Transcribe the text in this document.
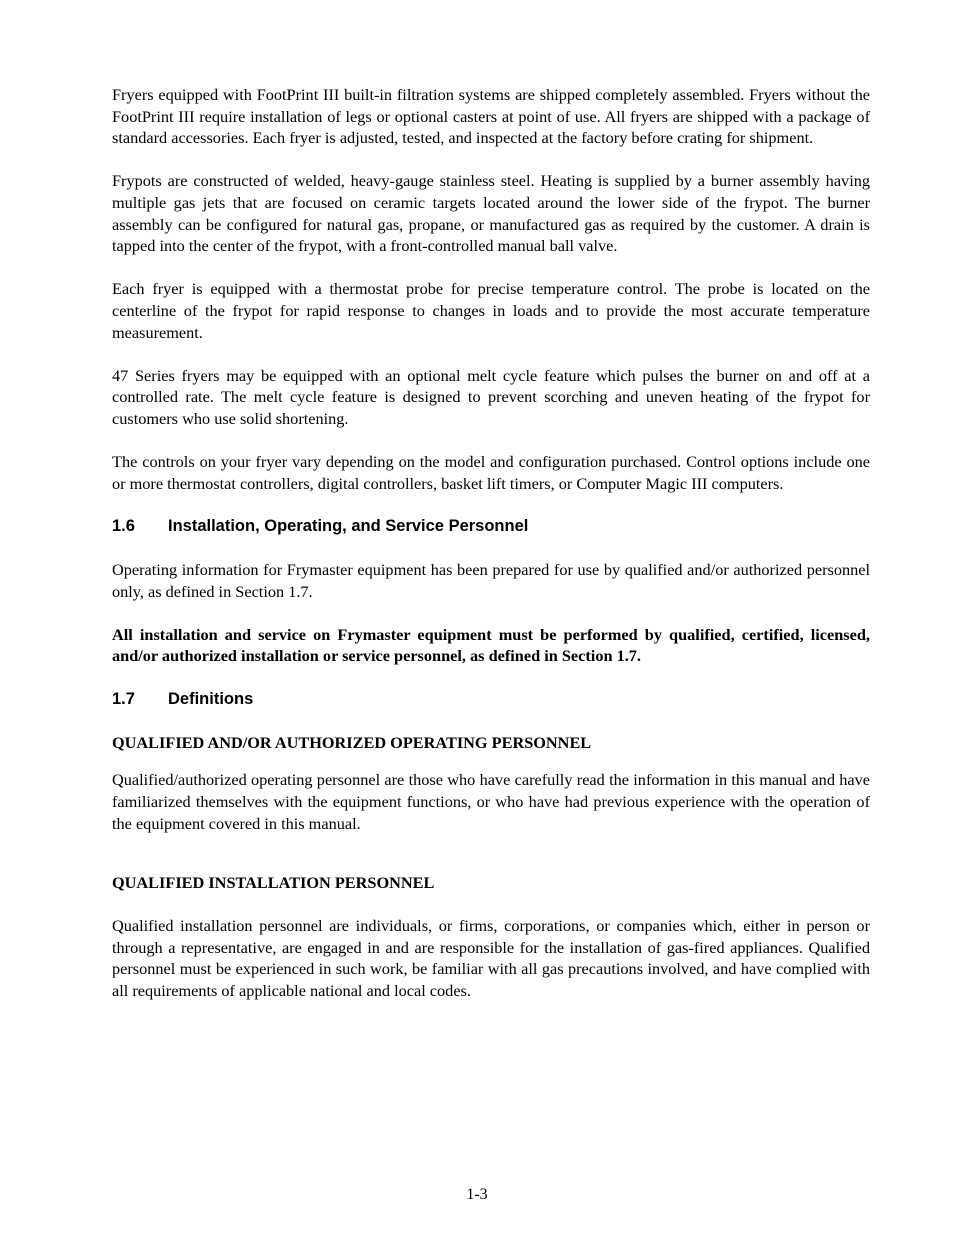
Fryers equipped with FootPrint III built-in filtration systems are shipped completely assembled. Fryers without the FootPrint III require installation of legs or optional casters at point of use. All fryers are shipped with a package of standard accessories. Each fryer is adjusted, tested, and inspected at the factory before crating for shipment.

Frypots are constructed of welded, heavy-gauge stainless steel. Heating is supplied by a burner assembly having multiple gas jets that are focused on ceramic targets located around the lower side of the frypot. The burner assembly can be configured for natural gas, propane, or manufactured gas as required by the customer. A drain is tapped into the center of the frypot, with a front-controlled manual ball valve.

Each fryer is equipped with a thermostat probe for precise temperature control. The probe is located on the centerline of the frypot for rapid response to changes in loads and to provide the most accurate temperature measurement.

47 Series fryers may be equipped with an optional melt cycle feature which pulses the burner on and off at a controlled rate. The melt cycle feature is designed to prevent scorching and uneven heating of the frypot for customers who use solid shortening.

The controls on your fryer vary depending on the model and configuration purchased. Control options include one or more thermostat controllers, digital controllers, basket lift timers, or Computer Magic III computers.

1.6	Installation, Operating, and Service Personnel

Operating information for Frymaster equipment has been prepared for use by qualified and/or authorized personnel only, as defined in Section 1.7.

All installation and service on Frymaster equipment must be performed by qualified, certified, licensed, and/or authorized installation or service personnel, as defined in Section 1.7.

1.7	Definitions

QUALIFIED AND/OR AUTHORIZED OPERATING PERSONNEL

Qualified/authorized operating personnel are those who have carefully read the information in this manual and have familiarized themselves with the equipment functions, or who have had previous experience with the operation of the equipment covered in this manual.

QUALIFIED INSTALLATION PERSONNEL

Qualified installation personnel are individuals, or firms, corporations, or companies which, either in person or through a representative, are engaged in and are responsible for the installation of gas-fired appliances. Qualified personnel must be experienced in such work, be familiar with all gas precautions involved, and have complied with all requirements of applicable national and local codes.

1-3
